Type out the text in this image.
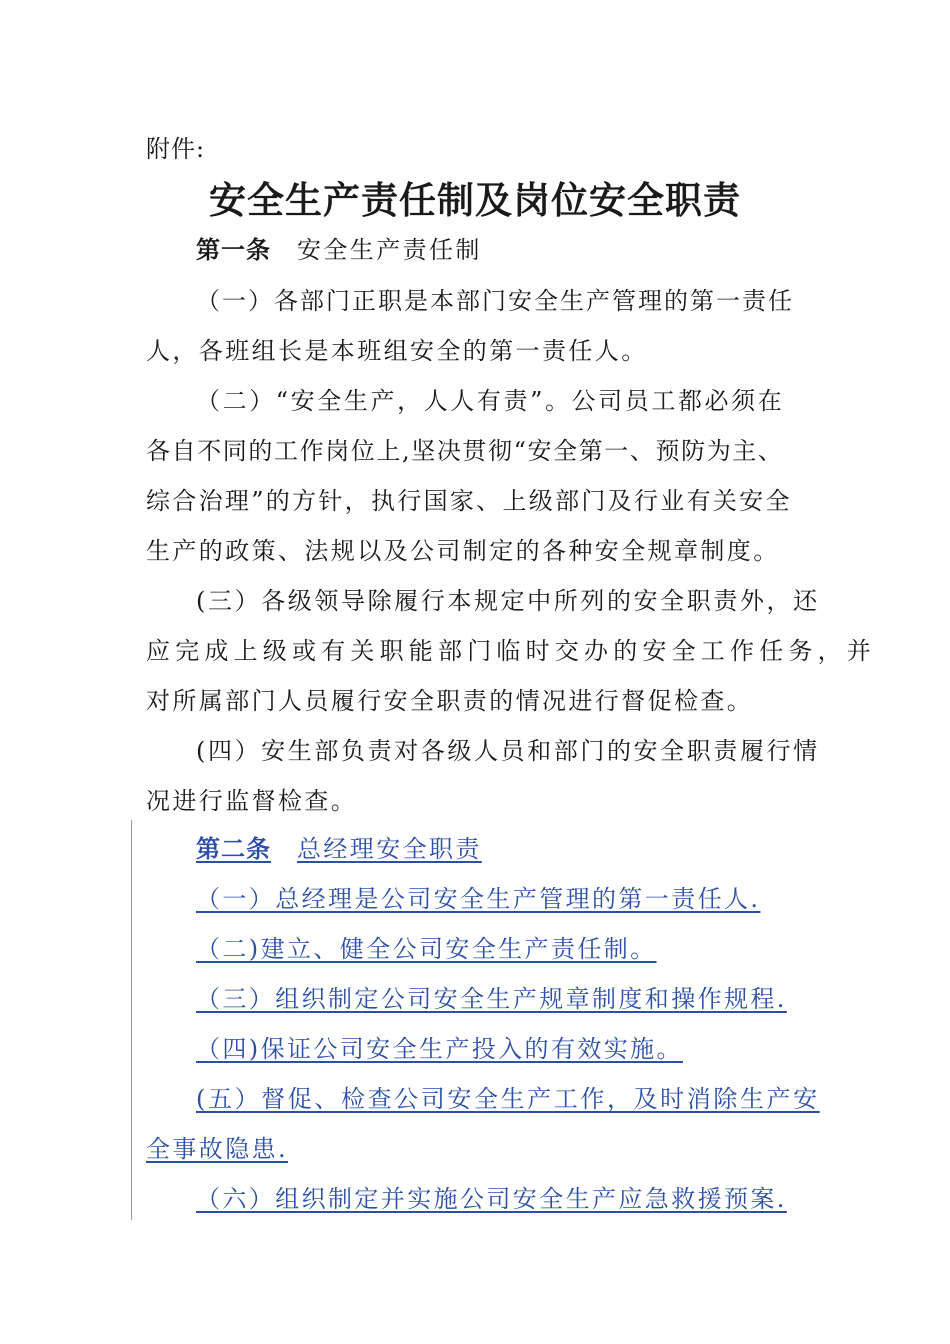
附件:
安全生产责任制及岗位安全职责
第一条 安全生产责任制
（一）各部门正职是本部门安全生产管理的第一责任
人，各班组长是本班组安全的第一责任人。
（二）“安全生产，人人有责”。公司员工都必须在
各自不同的工作岗位上,坚决贯彻“安全第一、预防为主、
综合治理”的方针，执行国家、上级部门及行业有关安全
生产的政策、法规以及公司制定的各种安全规章制度。
(三）各级领导除履行本规定中所列的安全职责外，还
应完成上级或有关职能部门临时交办的安全工作任务，并
对所属部门人员履行安全职责的情况进行督促检查。
(四）安生部负责对各级人员和部门的安全职责履行情
况进行监督检查。
第二条 总经理安全职责
（一）总经理是公司安全生产管理的第一责任人.
（二)建立、健全公司安全生产责任制。
（三）组织制定公司安全生产规章制度和操作规程.
（四)保证公司安全生产投入的有效实施。
(五）督促、检查公司安全生产工作，及时消除生产安
全事故隐患.
（六）组织制定并实施公司安全生产应急救援预案.
